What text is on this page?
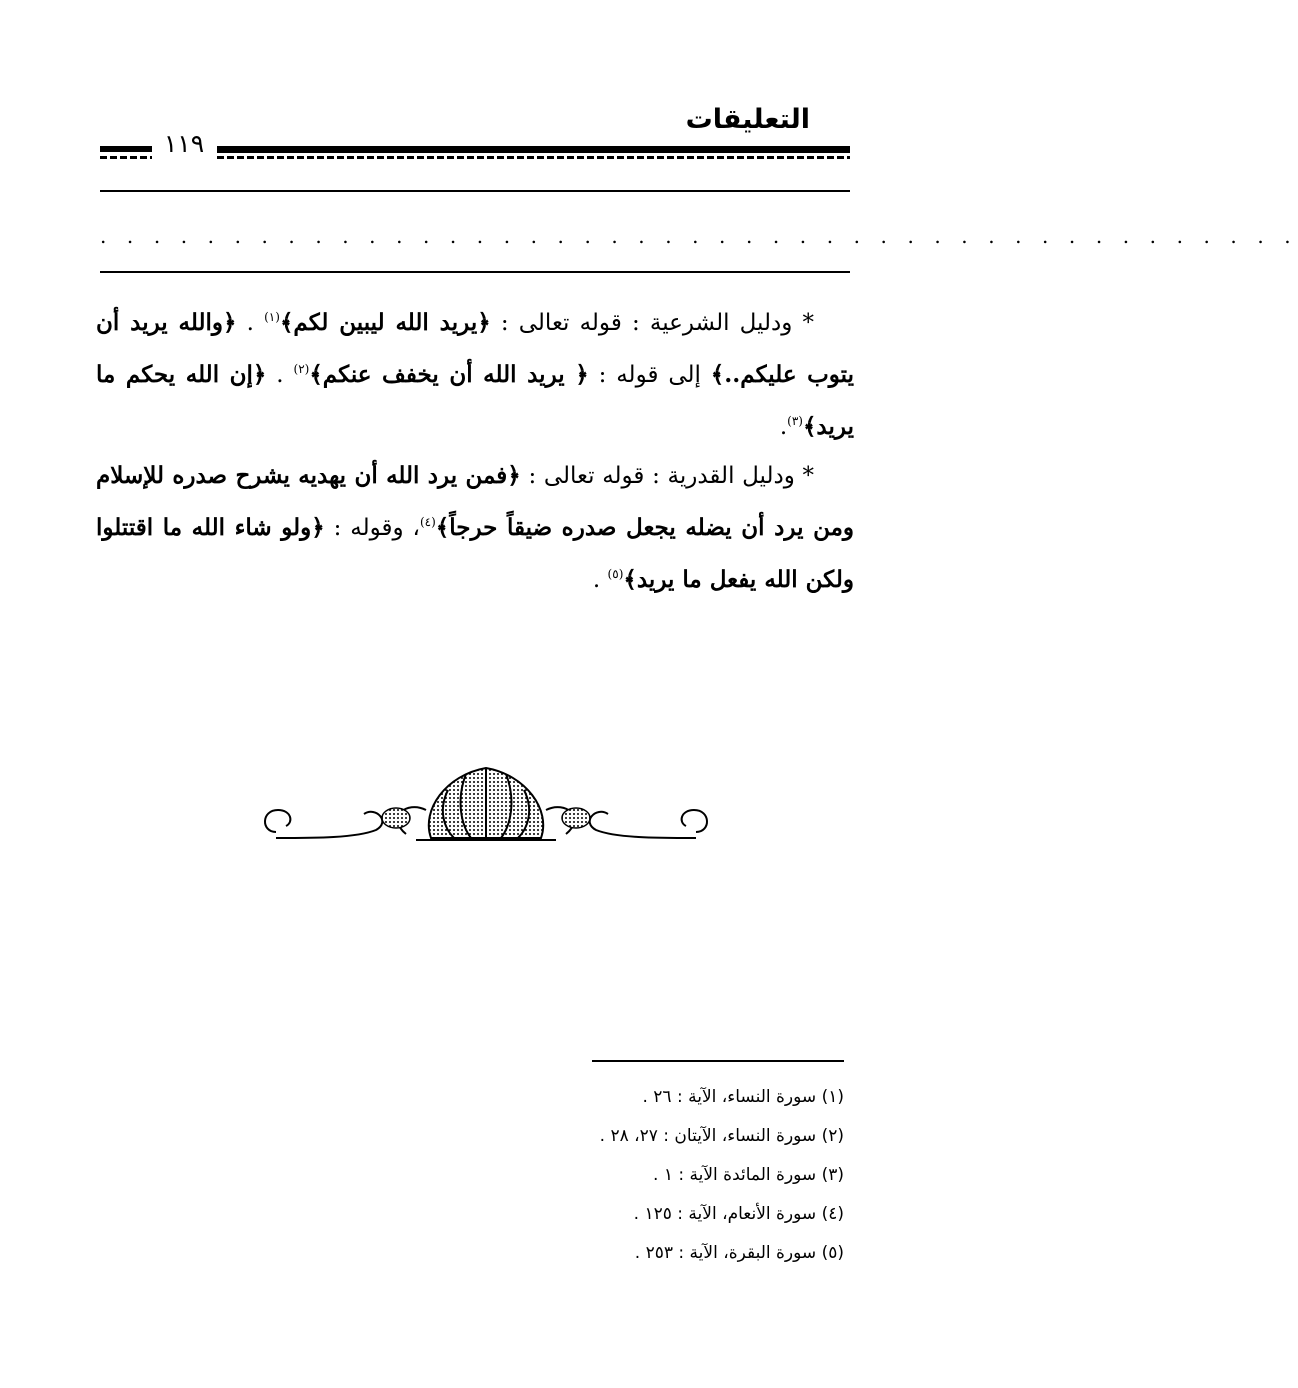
التعليقات
١١٩
. . . . . . . . . . . . . . . . . . . . . . . . . . . . . . . . . . . . . . . . . . . . .

* ودليل الشرعية : قوله تعالى : ﴿يريد الله ليبين لكم﴾$^{(١)}$ . ﴿والله يريد أن يتوب عليكم..﴾ إلى قوله : ﴿ يريد الله أن يخفف عنكم﴾$^{(٢)}$ . ﴿إن الله يحكم ما يريد﴾$^{(٣)}$.

* ودليل القدرية : قوله تعالى : ﴿فمن يرد الله أن يهديه يشرح صدره للإسلام ومن يرد أن يضله يجعل صدره ضيقاً حرجاً﴾$^{(٤)}$، وقوله : ﴿ولو شاء الله ما اقتتلوا ولكن الله يفعل ما يريد﴾$^{(٥)}$ .

(١) سورة النساء، الآية : ٢٦ .
(٢) سورة النساء، الآيتان : ٢٧، ٢٨ .
(٣) سورة المائدة الآية : ١ .
(٤) سورة الأنعام، الآية : ١٢٥ .
(٥) سورة البقرة، الآية : ٢٥٣ .
